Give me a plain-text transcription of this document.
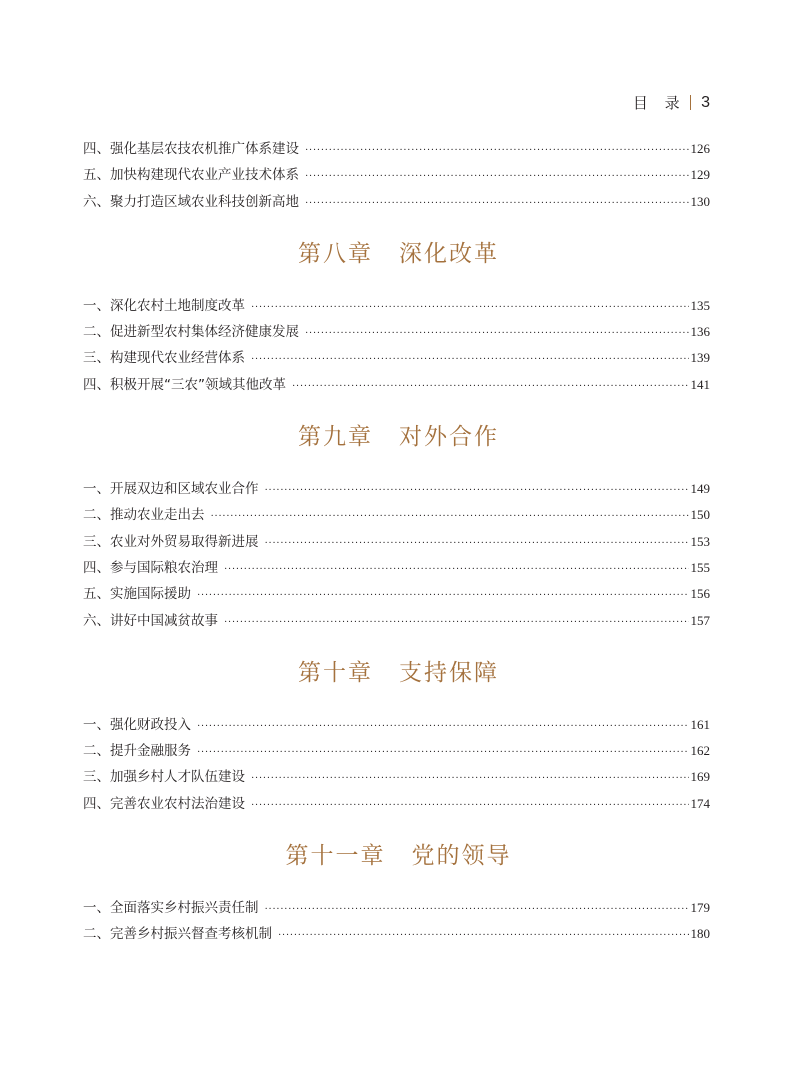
目 录 3
四、强化基层农技农机推广体系建设 ·····	126
五、加快构建现代农业产业技术体系 ·····	129
六、聚力打造区域农业科技创新高地 ·····	130
第八章 深化改革
一、深化农村土地制度改革 ·····	135
二、促进新型农村集体经济健康发展 ·····	136
三、构建现代农业经营体系 ·····	139
四、积极开展“三农”领域其他改革 ·····	141
第九章 对外合作
一、开展双边和区域农业合作 ·····	149
二、推动农业走出去 ·····	150
三、农业对外贸易取得新进展 ·····	153
四、参与国际粮农治理 ·····	155
五、实施国际援助 ·····	156
六、讲好中国减贫故事 ·····	157
第十章 支持保障
一、强化财政投入 ·····	161
二、提升金融服务 ·····	162
三、加强乡村人才队伍建设 ·····	169
四、完善农业农村法治建设 ·····	174
第十一章 党的领导
一、全面落实乡村振兴责任制 ·····	179
二、完善乡村振兴督查考核机制 ·····	180
